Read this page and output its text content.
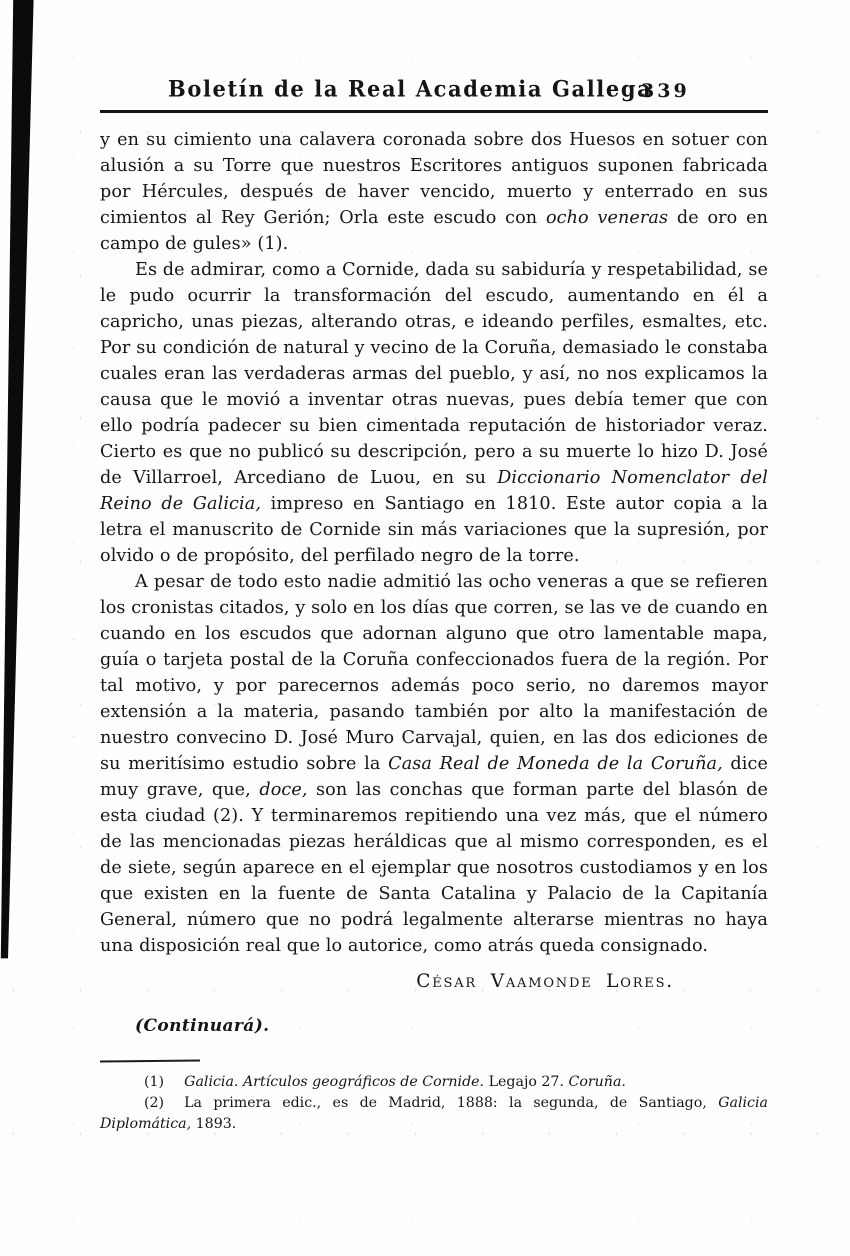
Boletín de la Real Academia Gallega
339

y en su cimiento una calavera coronada sobre dos Huesos en sotuer con alusión a su Torre que nuestros Escritores antiguos suponen fabricada por Hércules, después de haver vencido, muerto y enterrado en sus cimientos al Rey Gerión; Orla este escudo con ocho veneras de oro en campo de gules» (1).

Es de admirar, como a Cornide, dada su sabiduría y respetabilidad, se le pudo ocurrir la transformación del escudo, aumentando en él a capricho, unas piezas, alterando otras, e ideando perfiles, esmaltes, etc. Por su condición de natural y vecino de la Coruña, demasiado le constaba cuales eran las verdaderas armas del pueblo, y así, no nos explicamos la causa que le movió a inventar otras nuevas, pues debía temer que con ello podría padecer su bien cimentada reputación de historiador veraz. Cierto es que no publicó su descripción, pero a su muerte lo hizo D. José de Villarroel, Arcediano de Luou, en su Diccionario Nomenclator del Reino de Galicia, impreso en Santiago en 1810. Este autor copia a la letra el manuscrito de Cornide sin más variaciones que la supresión, por olvido o de propósito, del perfilado negro de la torre.

A pesar de todo esto nadie admitió las ocho veneras a que se refieren los cronistas citados, y solo en los días que corren, se las ve de cuando en cuando en los escudos que adornan alguno que otro lamentable mapa, guía o tarjeta postal de la Coruña confeccionados fuera de la región. Por tal motivo, y por parecernos además poco serio, no daremos mayor extensión a la materia, pasando también por alto la manifestación de nuestro convecino D. José Muro Carvajal, quien, en las dos ediciones de su meritísimo estudio sobre la Casa Real de Moneda de la Coruña, dice muy grave, que, doce, son las conchas que forman parte del blasón de esta ciudad (2). Y terminaremos repitiendo una vez más, que el número de las mencionadas piezas heráldicas que al mismo corresponden, es el de siete, según aparece en el ejemplar que nosotros custodiamos y en los que existen en la fuente de Santa Catalina y Palacio de la Capitanía General, número que no podrá legalmente alterarse mientras no haya una disposición real que lo autorice, como atrás queda consignado.

César Vaamonde Lores.

(Continuará).

(1) Galicia. Artículos geográficos de Cornide. Legajo 27. Coruña.

(2) La primera edic., es de Madrid, 1888: la segunda, de Santiago, Galicia Diplomática, 1893.
